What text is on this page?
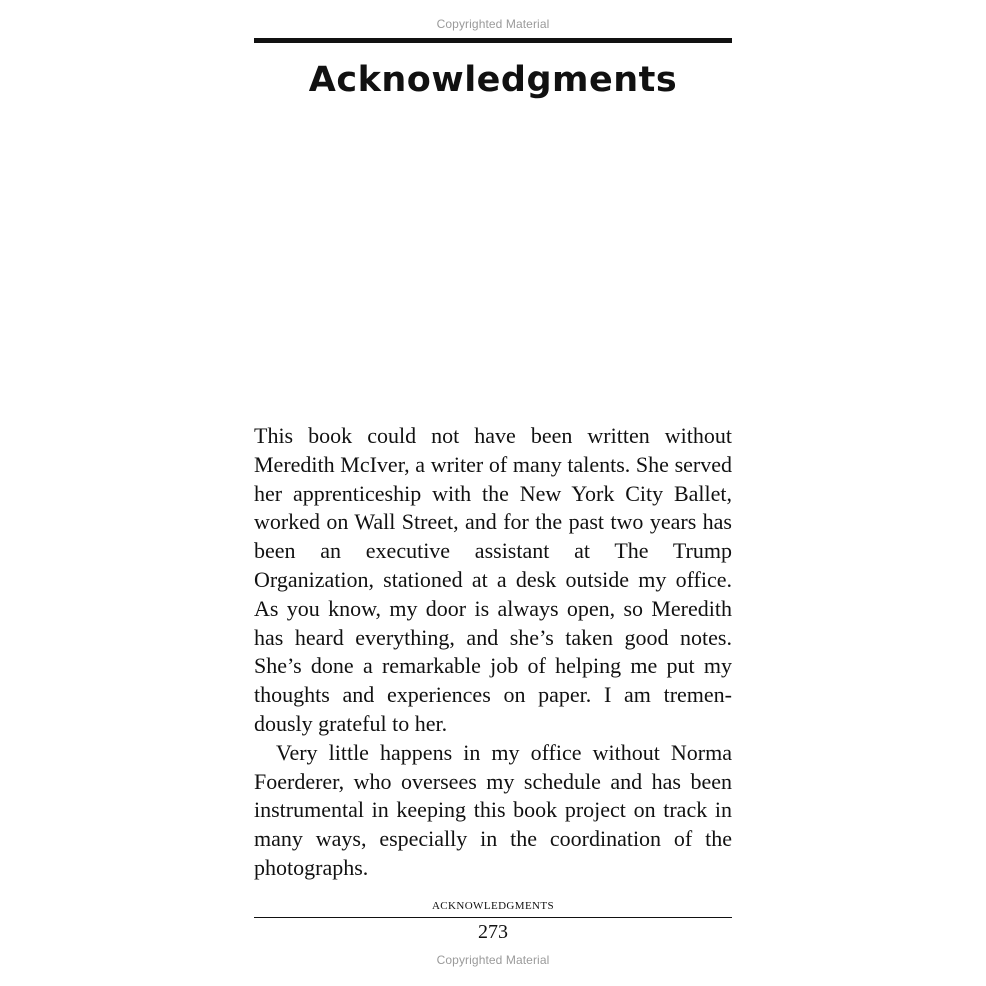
Copyrighted Material
Acknowledgments

This book could not have been written without Meredith McIver, a writer of many talents. She served her apprenticeship with the New York City Ballet, worked on Wall Street, and for the past two years has been an executive assistant at The Trump Organization, stationed at a desk outside my office. As you know, my door is always open, so Meredith has heard everything, and she’s taken good notes. She’s done a remarkable job of helping me put my thoughts and experiences on paper. I am tremendously grateful to her.

Very little happens in my office without Norma Foerderer, who oversees my schedule and has been instrumental in keeping this book project on track in many ways, especially in the coordination of the photographs.

ACKNOWLEDGMENTS
273
Copyrighted Material
